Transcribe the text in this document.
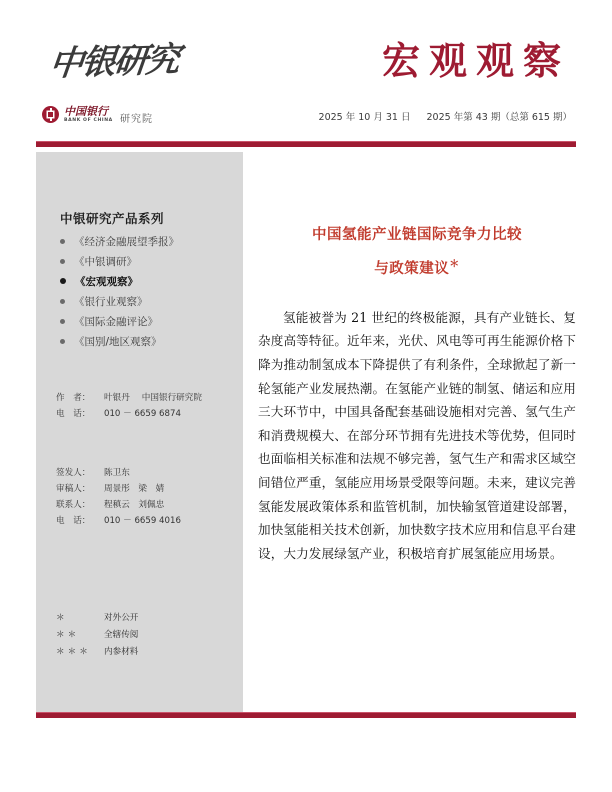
中银研究	宏观观察
中国银行
BANK OF CHINA 研究院	2025 年 10 月 31 日 2025 年第 43 期（总第 615 期）
中银研究产品系列
《经济金融展望季报》
《中银调研》
《宏观观察》
《银行业观察》
《国际金融评论》
《国别/地区观察》
作　者： 叶银丹 中国银行研究院
电　话： 010 － 6659 6874
签发人： 陈卫东
审稿人： 周景彤　梁　婧
联系人： 程稹云　刘佩忠
电　话： 010 － 6659 4016
＊	对外公开
＊＊	全辖传阅
＊＊＊ 内参材料
中国氢能产业链国际竞争力比较
与政策建议＊

氢能被誉为 21 世纪的终极能源，具有产业链长、复杂度高等特征。近年来，光伏、风电等可再生能源价格下降为推动制氢成本下降提供了有利条件，全球掀起了新一轮氢能产业发展热潮。在氢能产业链的制氢、储运和应用三大环节中，中国具备配套基础设施相对完善、氢气生产和消费规模大、在部分环节拥有先进技术等优势，但同时也面临相关标准和法规不够完善，氢气生产和需求区域空间错位严重，氢能应用场景受限等问题。未来，建议完善氢能发展政策体系和监管机制，加快输氢管道建设部署，加快氢能相关技术创新，加快数字技术应用和信息平台建设，大力发展绿氢产业，积极培育扩展氢能应用场景。
